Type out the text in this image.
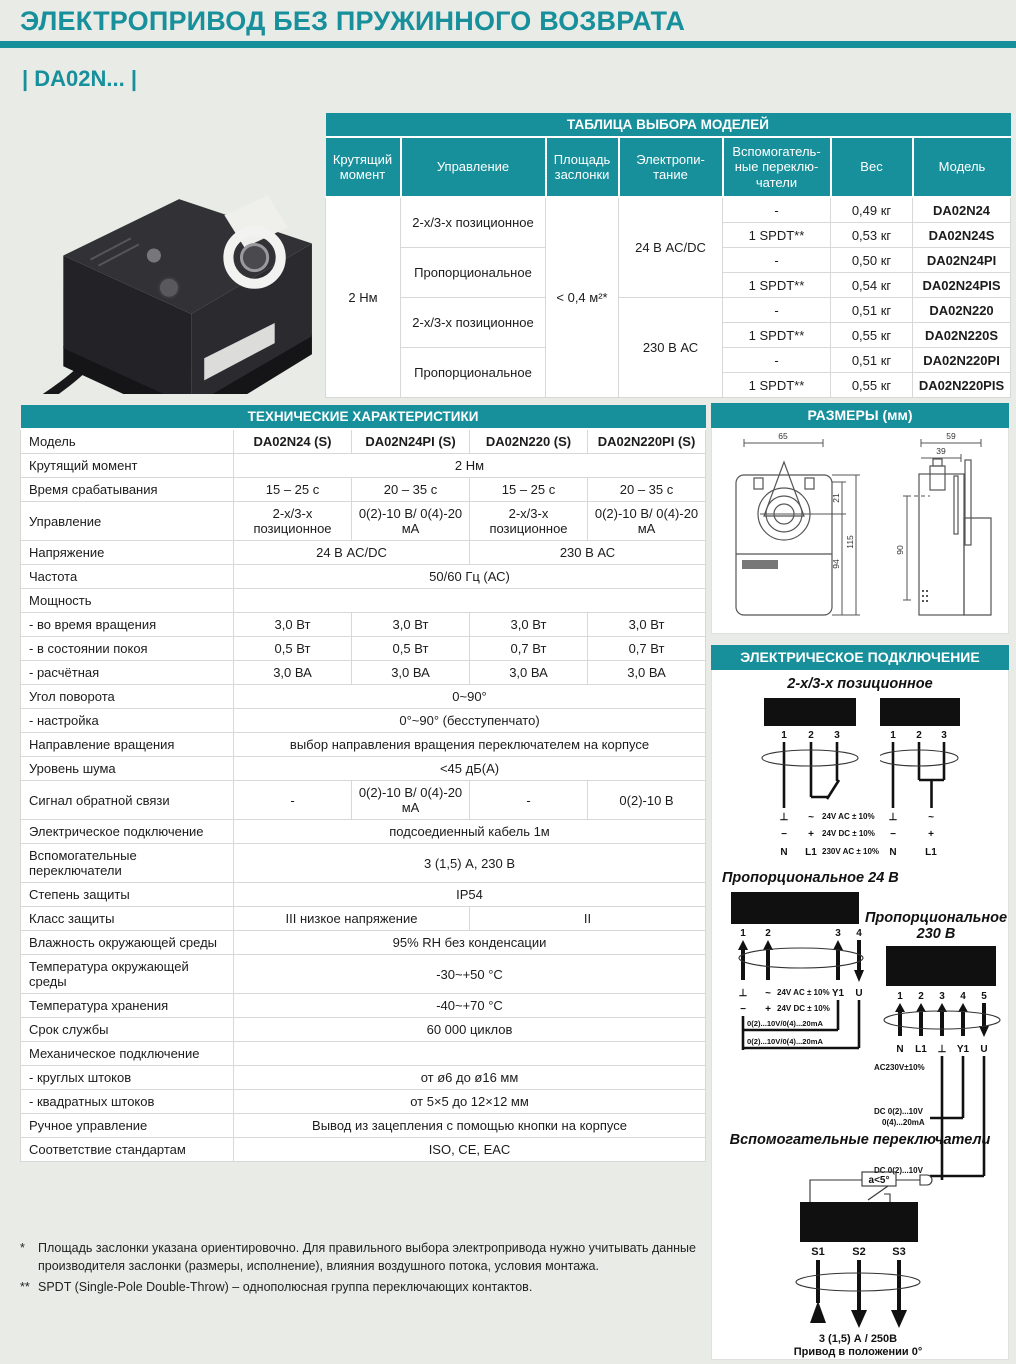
ЭЛЕКТРОПРИВОД БЕЗ ПРУЖИННОГО ВОЗВРАТА
| DA02N... |
ТАБЛИЦА ВЫБОРА МОДЕЛЕЙ						
Крутящий момент	Управление	Площадь заслонки	Электропи-тание	Вспомогатель-ные переклю-чатели	Вес	Модель
2 Нм	2-х/3-х позиционное	< 0,4 м²*	24 В AC/DC	-	0,49 кг	DA02N24
				1 SPDT**	0,53 кг	DA02N24S
	Пропорциональное			-	0,50 кг	DA02N24PI
				1 SPDT**	0,54 кг	DA02N24PIS
	2-х/3-х позиционное		230 В АС	-	0,51 кг	DA02N220
				1 SPDT**	0,55 кг	DA02N220S
	Пропорциональное			-	0,51 кг	DA02N220PI
				1 SPDT**	0,55 кг	DA02N220PIS
ТЕХНИЧЕСКИЕ ХАРАКТЕРИСТИКИ				
Модель	DA02N24 (S)	DA02N24PI (S)	DA02N220 (S)	DA02N220PI (S)
Крутящий момент	2 Нм			
Время срабатывания	15 – 25 с	20 – 35 с	15 – 25 с	20 – 35 с
Управление	2-х/3-х позиционное	0(2)-10 В/ 0(4)-20 мА	2-х/3-х позиционное	0(2)-10 В/ 0(4)-20 мА
Напряжение	24 В AC/DC		230 В АС	
Частота	50/60 Гц (АС)			
Мощность				
- во время вращения	3,0 Вт	3,0 Вт	3,0 Вт	3,0 Вт
- в состоянии покоя	0,5 Вт	0,5 Вт	0,7 Вт	0,7 Вт
- расчётная	3,0 ВА	3,0 ВА	3,0 ВА	3,0 ВА
Угол поворота	0~90°			
- настройка	0°~90° (бесступенчато)			
Направление вращения	выбор направления вращения переключателем на корпусе			
Уровень шума	<45 дБ(А)			
Сигнал обратной связи	-	0(2)-10 В/ 0(4)-20 мА	-	0(2)-10 В
Электрическое подключение	подсоедиенный кабель 1м			
Вспомогательные переключатели	3 (1,5) А, 230 В			
Степень защиты	IP54			
Класс защиты	III низкое напряжение		II	
Влажность окружающей среды	95% RH без конденсации			
Температура окружающей среды	-30~+50 °С			
Температура хранения	-40~+70 °С			
Срок службы	60 000 циклов			
Механическое подключение				
- круглых штоков	от ø6 до ø16 мм			
- квадратных штоков	от 5×5 до 12×12 мм			
Ручное управление	Вывод из зацепления с помощью кнопки на корпусе			
Соответствие стандартам	ISO, CE, EAC			
*	Площадь заслонки указана ориентировочно. Для правильного выбора электропривода нужно учитывать данные производителя заслонки (размеры, исполнение), влияния воздушного потока, условия монтажа.
** SPDT (Single-Pole Double-Throw) – однополюсная группа переключающих контактов.
РАЗМЕРЫ (мм)
65
21
94
115
59
39
90
ЭЛЕКТРИЧЕСКОЕ ПОДКЛЮЧЕНИЕ
2-х/3-х позиционное
1 2 3
⊥ ~ 24V AC ± 10%
− + 24V DC ± 10%
N L1 230V AC ± 10%
1 2 3
⊥	~
−	+
N	L1
Пропорциональное 24 В
1 2	3 4
⊥ ~ 24V AC ± 10% Y1 U
− + 24V DC ± 10%
0(2)...10V/0(4)...20mA
0(2)...10V/0(4)...20mA
Пропорциональное 230 В
1 2 3 4 5
N L1 ⊥ Y1 U
AC230V±10%
DC 0(2)...10V
0(4)...20mA
DC 0(2)...10V
Вспомогательные переключатели
a<5°
S1	S2 S3
3 (1,5) А / 250В
Привод в положении 0°
